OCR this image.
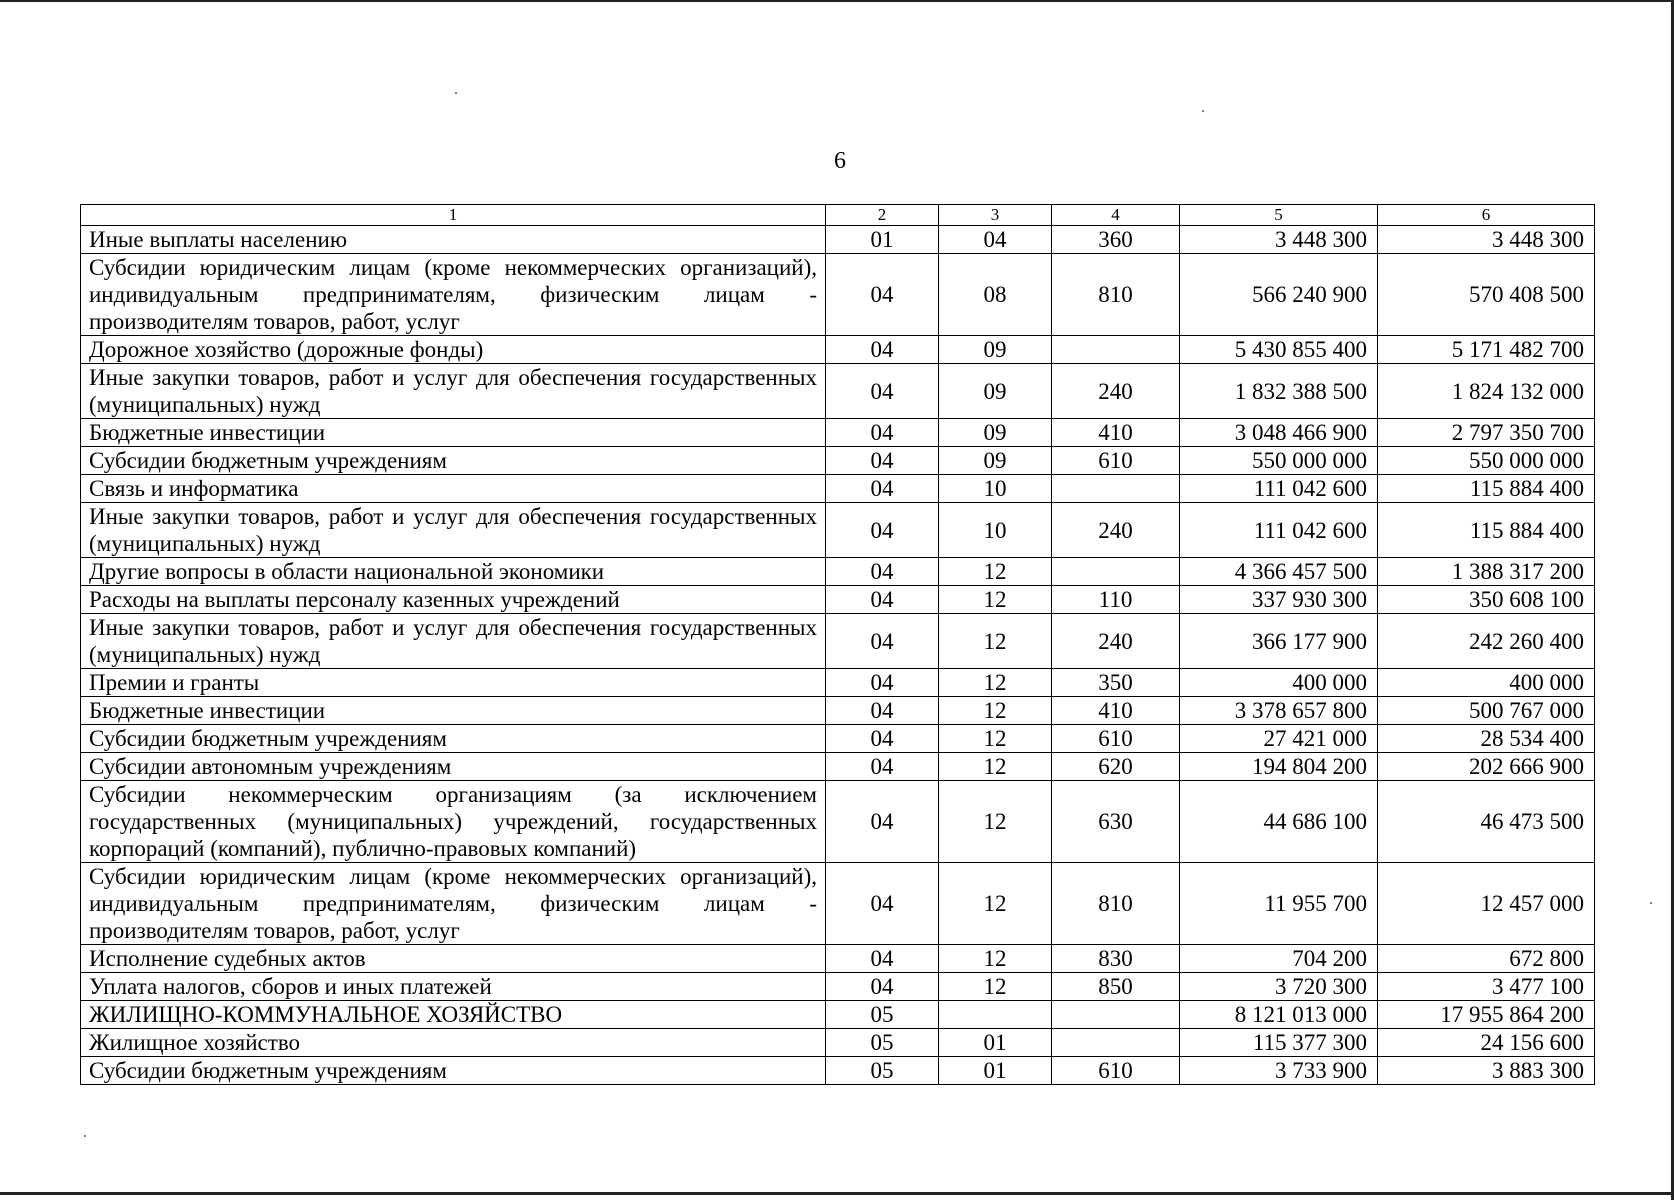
6
1	2	3	4	5	6
Иные выплаты населению	01	04	360	3 448 300	3 448 300
Субсидии юридическим лицам (кроме некоммерческих организаций), индивидуальным предпринимателям, физическим лицам - производителям товаров, работ, услуг	04	08	810	566 240 900	570 408 500
Дорожное хозяйство (дорожные фонды)	04	09		5 430 855 400	5 171 482 700
Иные закупки товаров, работ и услуг для обеспечения государственных (муниципальных) нужд	04	09	240	1 832 388 500	1 824 132 000
Бюджетные инвестиции	04	09	410	3 048 466 900	2 797 350 700
Субсидии бюджетным учреждениям	04	09	610	550 000 000	550 000 000
Связь и информатика	04	10		111 042 600	115 884 400
Иные закупки товаров, работ и услуг для обеспечения государственных (муниципальных) нужд	04	10	240	111 042 600	115 884 400
Другие вопросы в области национальной экономики	04	12		4 366 457 500	1 388 317 200
Расходы на выплаты персоналу казенных учреждений	04	12	110	337 930 300	350 608 100
Иные закупки товаров, работ и услуг для обеспечения государственных (муниципальных) нужд	04	12	240	366 177 900	242 260 400
Премии и гранты	04	12	350	400 000	400 000
Бюджетные инвестиции	04	12	410	3 378 657 800	500 767 000
Субсидии бюджетным учреждениям	04	12	610	27 421 000	28 534 400
Субсидии автономным учреждениям	04	12	620	194 804 200	202 666 900
Субсидии некоммерческим организациям (за исключением государственных (муниципальных) учреждений, государственных корпораций (компаний), публично-правовых компаний)	04	12	630	44 686 100	46 473 500
Субсидии юридическим лицам (кроме некоммерческих организаций), индивидуальным предпринимателям, физическим лицам - производителям товаров, работ, услуг	04	12	810	11 955 700	12 457 000
Исполнение судебных актов	04	12	830	704 200	672 800
Уплата налогов, сборов и иных платежей	04	12	850	3 720 300	3 477 100
ЖИЛИЩНО-КОММУНАЛЬНОЕ ХОЗЯЙСТВО	05			8 121 013 000	17 955 864 200
Жилищное хозяйство	05	01		115 377 300	24 156 600
Субсидии бюджетным учреждениям	05	01	610	3 733 900	3 883 300
